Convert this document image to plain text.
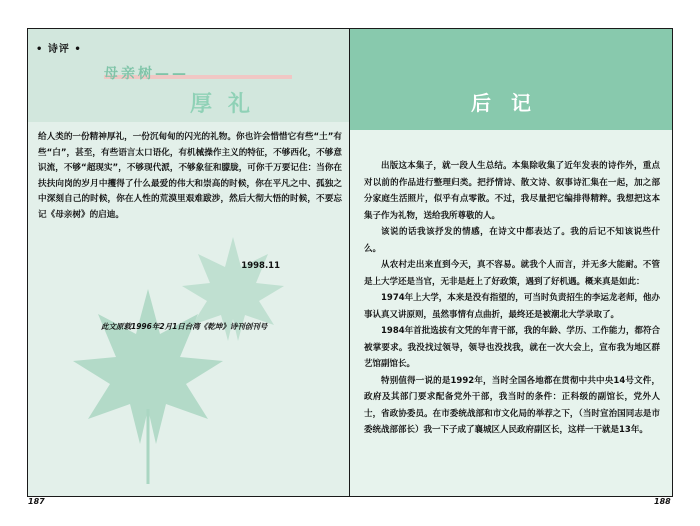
• 诗评 •
母亲树——
厚礼
给人类的一份精神厚礼，一份沉甸甸的闪光的礼物。你也许会惜惜它有些“土”有些“白”，甚至，有些语言太口语化，有机械操作主义的特征，不够西化，不够意识流，不够“超现实”，不够现代派，不够象征和朦胧，可你千万要记住：当你在扶扶向岗的岁月中攫得了什么最爱的伟大和崇高的时候，你在平凡之中、孤独之中深刻自己的时候，你在人性的荒漠里艰难跋涉，然后大彻大悟的时候，不要忘记《母亲树》的启迪。
1998.11
此文原载1996年2月1日台湾《乾坤》诗刊创刊号
后记

出版这本集子，就一段人生总结。本集除收集了近年发表的诗作外，重点对以前的作品进行整理归类。把抒情诗、散文诗、叙事诗汇集在一起，加之部分家庭生活照片，似乎有点零散。不过，我尽量把它编排得精粹。我想把这本集子作为礼物，送给我所尊敬的人。

该说的话我该抒发的情感，在诗文中都表达了。我的后记不知该说些什么。

从农村走出来直到今天，真不容易。就我个人而言，并无多大能耐。不管是上大学还是当官，无非是赶上了好政策，遇到了好机遇。概来真是如此：

1974年上大学，本来是没有指望的，可当时负责招生的李运龙老师，他办事认真又讲原则，虽然事情有点曲折，最终还是被潮北大学录取了。

1984年首批选拔有文凭的年青干部，我的年龄、学历、工作能力，都符合被掌要求。我没找过领导，领导也没找我，就在一次大会上，宣布我为地区群艺馆副馆长。

特别值得一说的是1992年，当时全国各地都在贯彻中共中央14号文件，政府及其部门要求配备党外干部，我当时的条件：正科级的副馆长，党外人士，省政协委员。在市委统战部和市文化局的举荐之下，（当时宣治国同志是市委统战部部长）我一下子成了襄城区人民政府副区长，这样一干就是13年。

187	188
